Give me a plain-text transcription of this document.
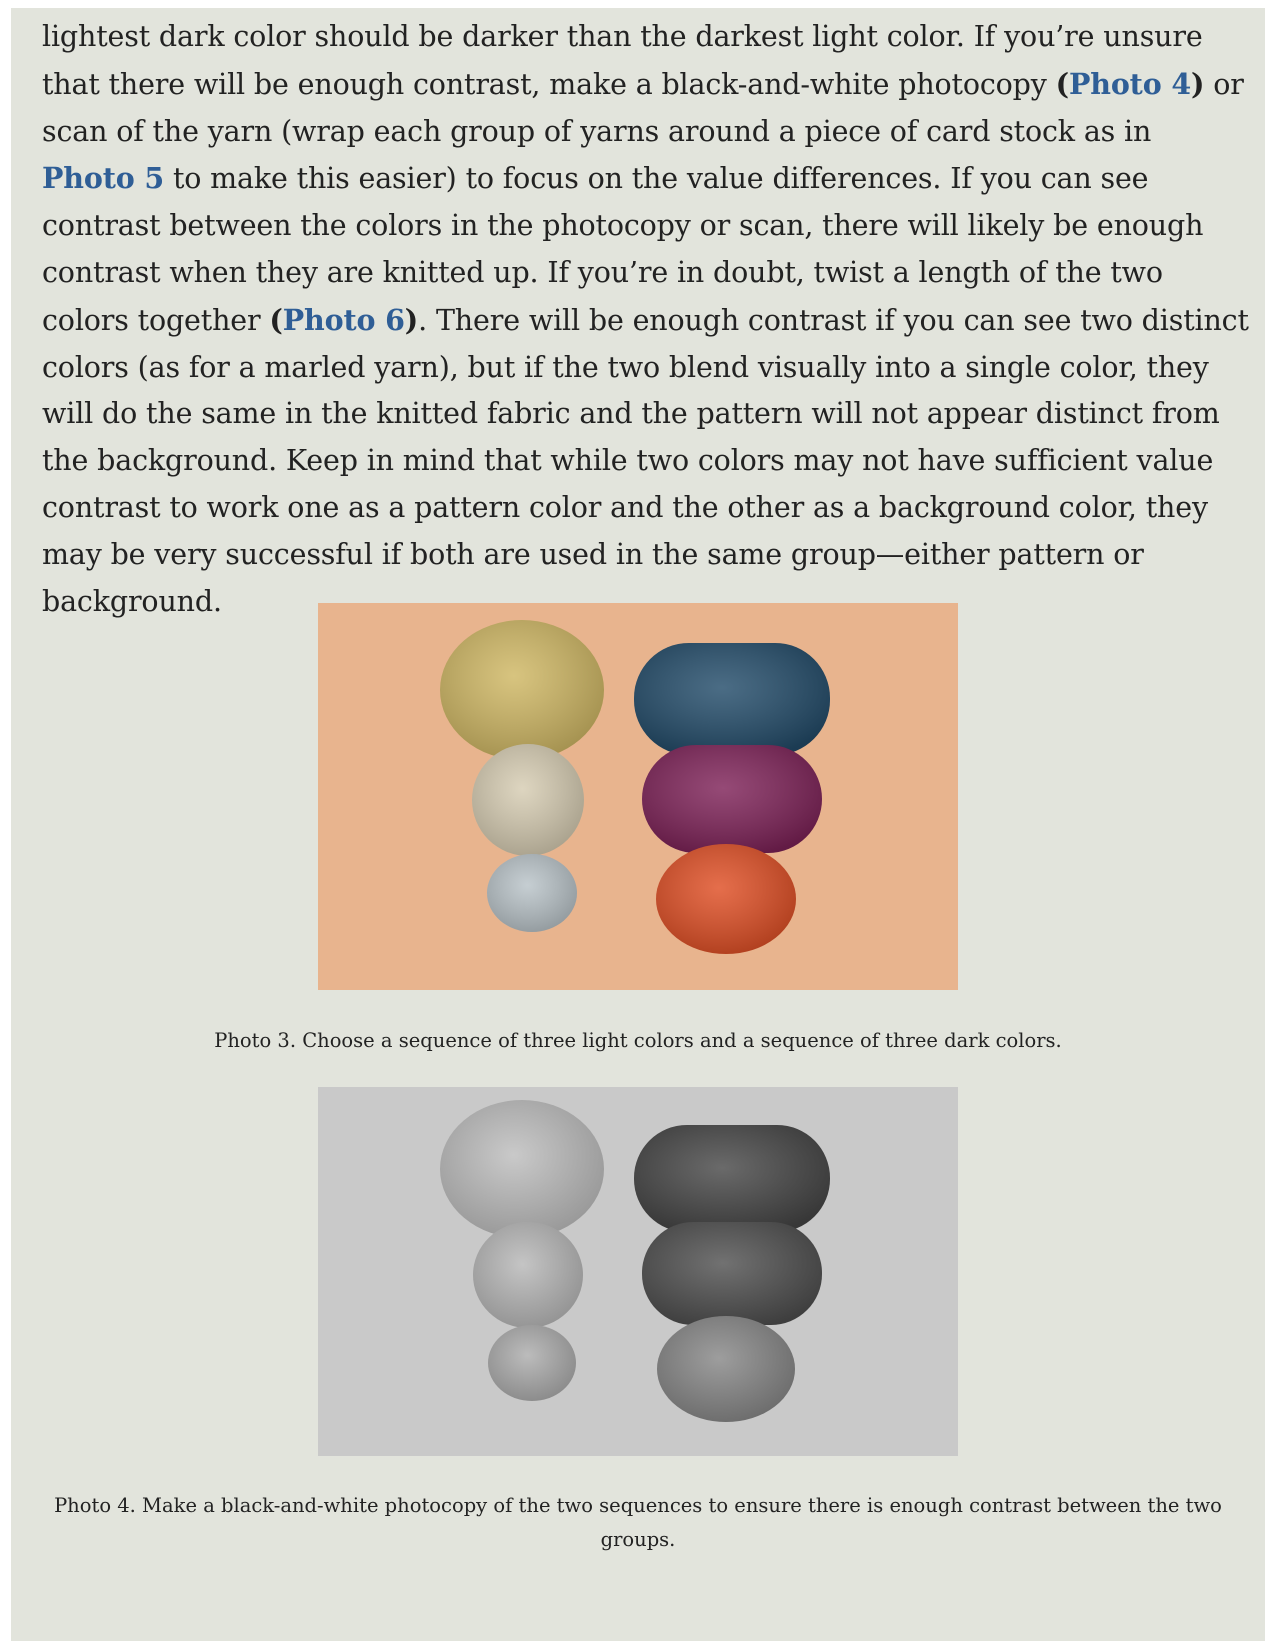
lightest dark color should be darker than the darkest light color. If you’re unsure that there will be enough contrast, make a black-and-white photocopy (Photo 4) or scan of the yarn (wrap each group of yarns around a piece of card stock as in Photo 5 to make this easier) to focus on the value differences. If you can see contrast between the colors in the photocopy or scan, there will likely be enough contrast when they are knitted up. If you’re in doubt, twist a length of the two colors together (Photo 6). There will be enough contrast if you can see two distinct colors (as for a marled yarn), but if the two blend visually into a single color, they will do the same in the knitted fabric and the pattern will not appear distinct from the background. Keep in mind that while two colors may not have sufficient value contrast to work one as a pattern color and the other as a background color, they may be very successful if both are used in the same group—either pattern or background.

Photo 3. Choose a sequence of three light colors and a sequence of three dark colors.

Photo 4. Make a black-and-white photocopy of the two sequences to ensure there is enough contrast between the two groups.
